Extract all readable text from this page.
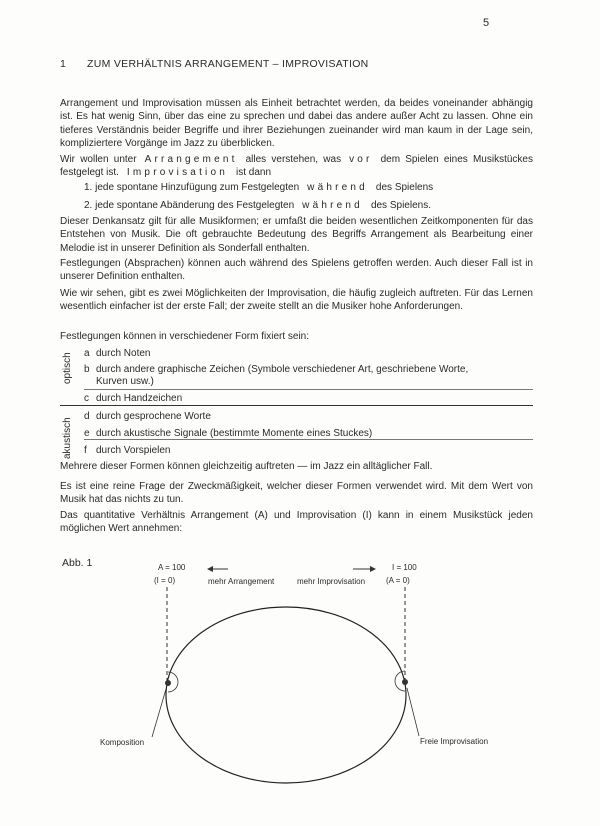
5
1 ZUM VERHÄLTNIS ARRANGEMENT – IMPROVISATION
Arrangement und Improvisation müssen als Einheit betrachtet werden, da beides voneinander abhängig ist. Es hat wenig Sinn, über das eine zu sprechen und dabei das andere außer Acht zu lassen. Ohne ein tieferes Verständnis beider Begriffe und ihrer Beziehungen zueinander wird man kaum in der Lage sein, kompliziertere Vorgänge im Jazz zu überblicken.
Wir wollen unter Arrangement alles verstehen, was vor dem Spielen eines Musikstückes festgelegt ist. Improvisation ist dann
1. jede spontane Hinzufügung zum Festgelegten während des Spielens
2. jede spontane Abänderung des Festgelegten während des Spielens.
Dieser Denkansatz gilt für alle Musikformen; er umfaßt die beiden wesentlichen Zeitkomponenten für das Entstehen von Musik. Die oft gebrauchte Bedeutung des Begriffs Arrangement als Bearbeitung einer Melodie ist in unserer Definition als Sonderfall enthalten.
Festlegungen (Absprachen) können auch während des Spielens getroffen werden. Auch dieser Fall ist in unserer Definition enthalten.
Wie wir sehen, gibt es zwei Möglichkeiten der Improvisation, die häufig zugleich auftreten. Für das Lernen wesentlich einfacher ist der erste Fall; der zweite stellt an die Musiker hohe Anforderungen.
Festlegungen können in verschiedener Form fixiert sein:
optisch
akustisch
a durch Noten
b durch andere graphische Zeichen (Symbole verschiedener Art, geschriebene Worte,
Kurven usw.)
c durch Handzeichen
d durch gesprochene Worte
e durch akustische Signale (bestimmte Momente eines Stuckes)
f durch Vorspielen
Mehrere dieser Formen können gleichzeitig auftreten — im Jazz ein alltäglicher Fall.
Es ist eine reine Frage der Zweckmäßigkeit, welcher dieser Formen verwendet wird. Mit dem Wert von Musik hat das nichts zu tun.
Das quantitative Verhältnis Arrangement (A) und Improvisation (I) kann in einem Musikstück jeden möglichen Wert annehmen:
Abb. 1	A = 100
(I = 0)	mehr Arrangement	mehr Improvisation
I = 100
(A = 0)
Komposition	Freie Improvisation
